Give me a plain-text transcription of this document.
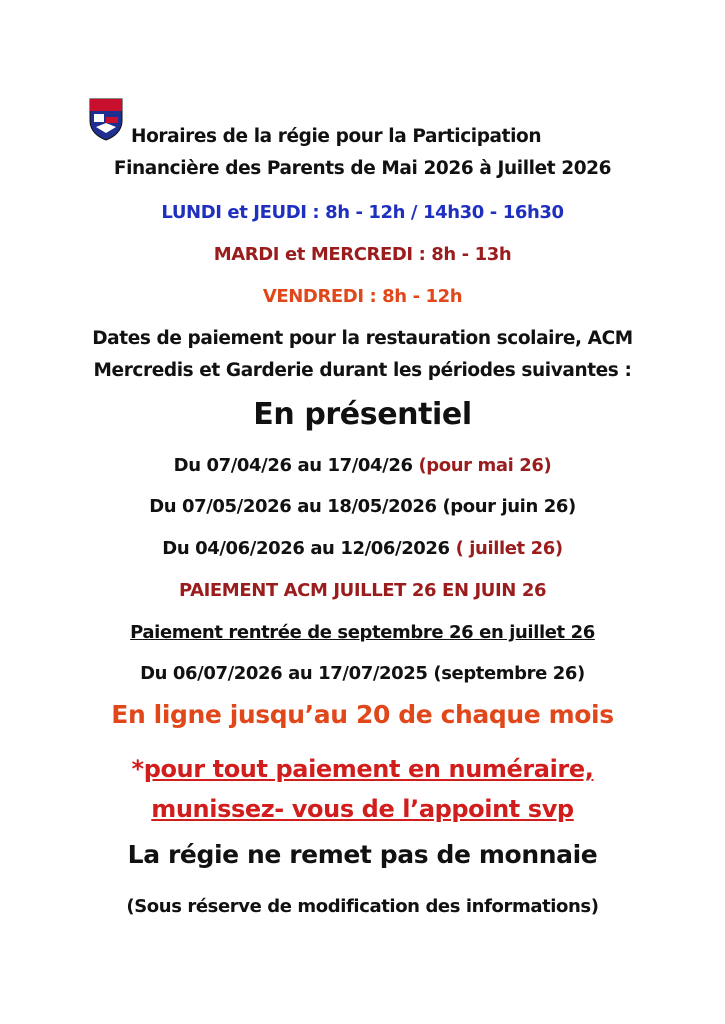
Horaires de la régie pour la Participation
Financière des Parents de Mai 2026 à Juillet 2026
LUNDI et JEUDI : 8h - 12h / 14h30 - 16h30
MARDI et MERCREDI : 8h - 13h
VENDREDI : 8h - 12h
Dates de paiement pour la restauration scolaire, ACM
Mercredis et Garderie durant les périodes suivantes :
En présentiel
Du 07/04/26 au 17/04/26 (pour mai 26)
Du 07/05/2026 au 18/05/2026 (pour juin 26)
Du 04/06/2026 au 12/06/2026 ( juillet 26)
PAIEMENT ACM JUILLET 26 EN JUIN 26
Paiement rentrée de septembre 26 en juillet 26
Du 06/07/2026 au 17/07/2025 (septembre 26)
En ligne jusqu’au 20 de chaque mois
*pour tout paiement en numéraire,
munissez- vous de l’appoint svp
La régie ne remet pas de monnaie
(Sous réserve de modification des informations)
